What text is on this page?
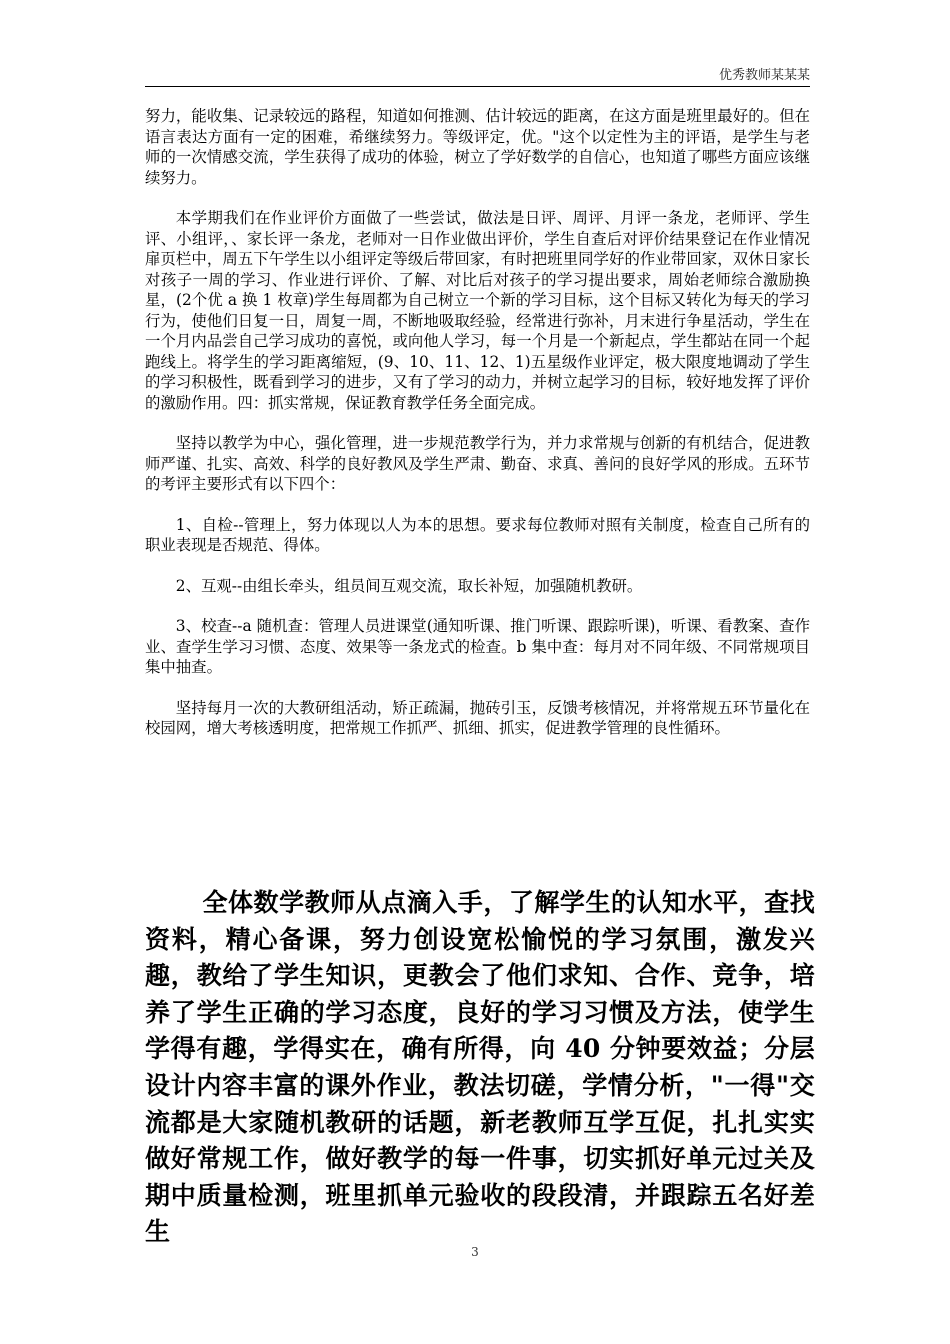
优秀教师某某某

努力，能收集、记录较远的路程，知道如何推测、估计较远的距离，在这方面是班里最好的。但在语言表达方面有一定的困难，希继续努力。等级评定，优。"这个以定性为主的评语，是学生与老师的一次情感交流，学生获得了成功的体验，树立了学好数学的自信心，也知道了哪些方面应该继续努力。

本学期我们在作业评价方面做了一些尝试，做法是日评、周评、月评一条龙，老师评、学生评、小组评，、家长评一条龙，老师对一日作业做出评价，学生自查后对评价结果登记在作业情况扉页栏中，周五下午学生以小组评定等级后带回家，有时把班里同学好的作业带回家，双休日家长对孩子一周的学习、作业进行评价、了解、对比后对孩子的学习提出要求，周始老师综合激励换星，(2个优 a 换 1 枚章)学生每周都为自己树立一个新的学习目标，这个目标又转化为每天的学习行为，使他们日复一日，周复一周，不断地吸取经验，经常进行弥补，月末进行争星活动，学生在一个月内品尝自己学习成功的喜悦，或向他人学习，每一个月是一个新起点，学生都站在同一个起跑线上。将学生的学习距离缩短，(9、10、11、12、1)五星级作业评定，极大限度地调动了学生的学习积极性，既看到学习的进步，又有了学习的动力，并树立起学习的目标，较好地发挥了评价的激励作用。四：抓实常规，保证教育教学任务全面完成。

坚持以教学为中心，强化管理，进一步规范教学行为，并力求常规与创新的有机结合，促进教师严谨、扎实、高效、科学的良好教风及学生严肃、勤奋、求真、善问的良好学风的形成。五环节的考评主要形式有以下四个：

1、自检--管理上，努力体现以人为本的思想。要求每位教师对照有关制度，检查自己所有的职业表现是否规范、得体。

2、互观--由组长牵头，组员间互观交流，取长补短，加强随机教研。

3、校查--a 随机查：管理人员进课堂(通知听课、推门听课、跟踪听课)，听课、看教案、查作业、查学生学习习惯、态度、效果等一条龙式的检查。b 集中查：每月对不同年级、不同常规项目集中抽查。

坚持每月一次的大教研组活动，矫正疏漏，抛砖引玉，反馈考核情况，并将常规五环节量化在校园网，增大考核透明度，把常规工作抓严、抓细、抓实，促进教学管理的良性循环。

全体数学教师从点滴入手，了解学生的认知水平，查找资料，精心备课，努力创设宽松愉悦的学习氛围，激发兴趣，教给了学生知识，更教会了他们求知、合作、竞争，培养了学生正确的学习态度，良好的学习习惯及方法，使学生学得有趣，学得实在，确有所得，向 40 分钟要效益；分层设计内容丰富的课外作业，教法切磋，学情分析，"一得"交流都是大家随机教研的话题，新老教师互学互促，扎扎实实做好常规工作，做好教学的每一件事，切实抓好单元过关及期中质量检测，班里抓单元验收的段段清，并跟踪五名好差生

3
